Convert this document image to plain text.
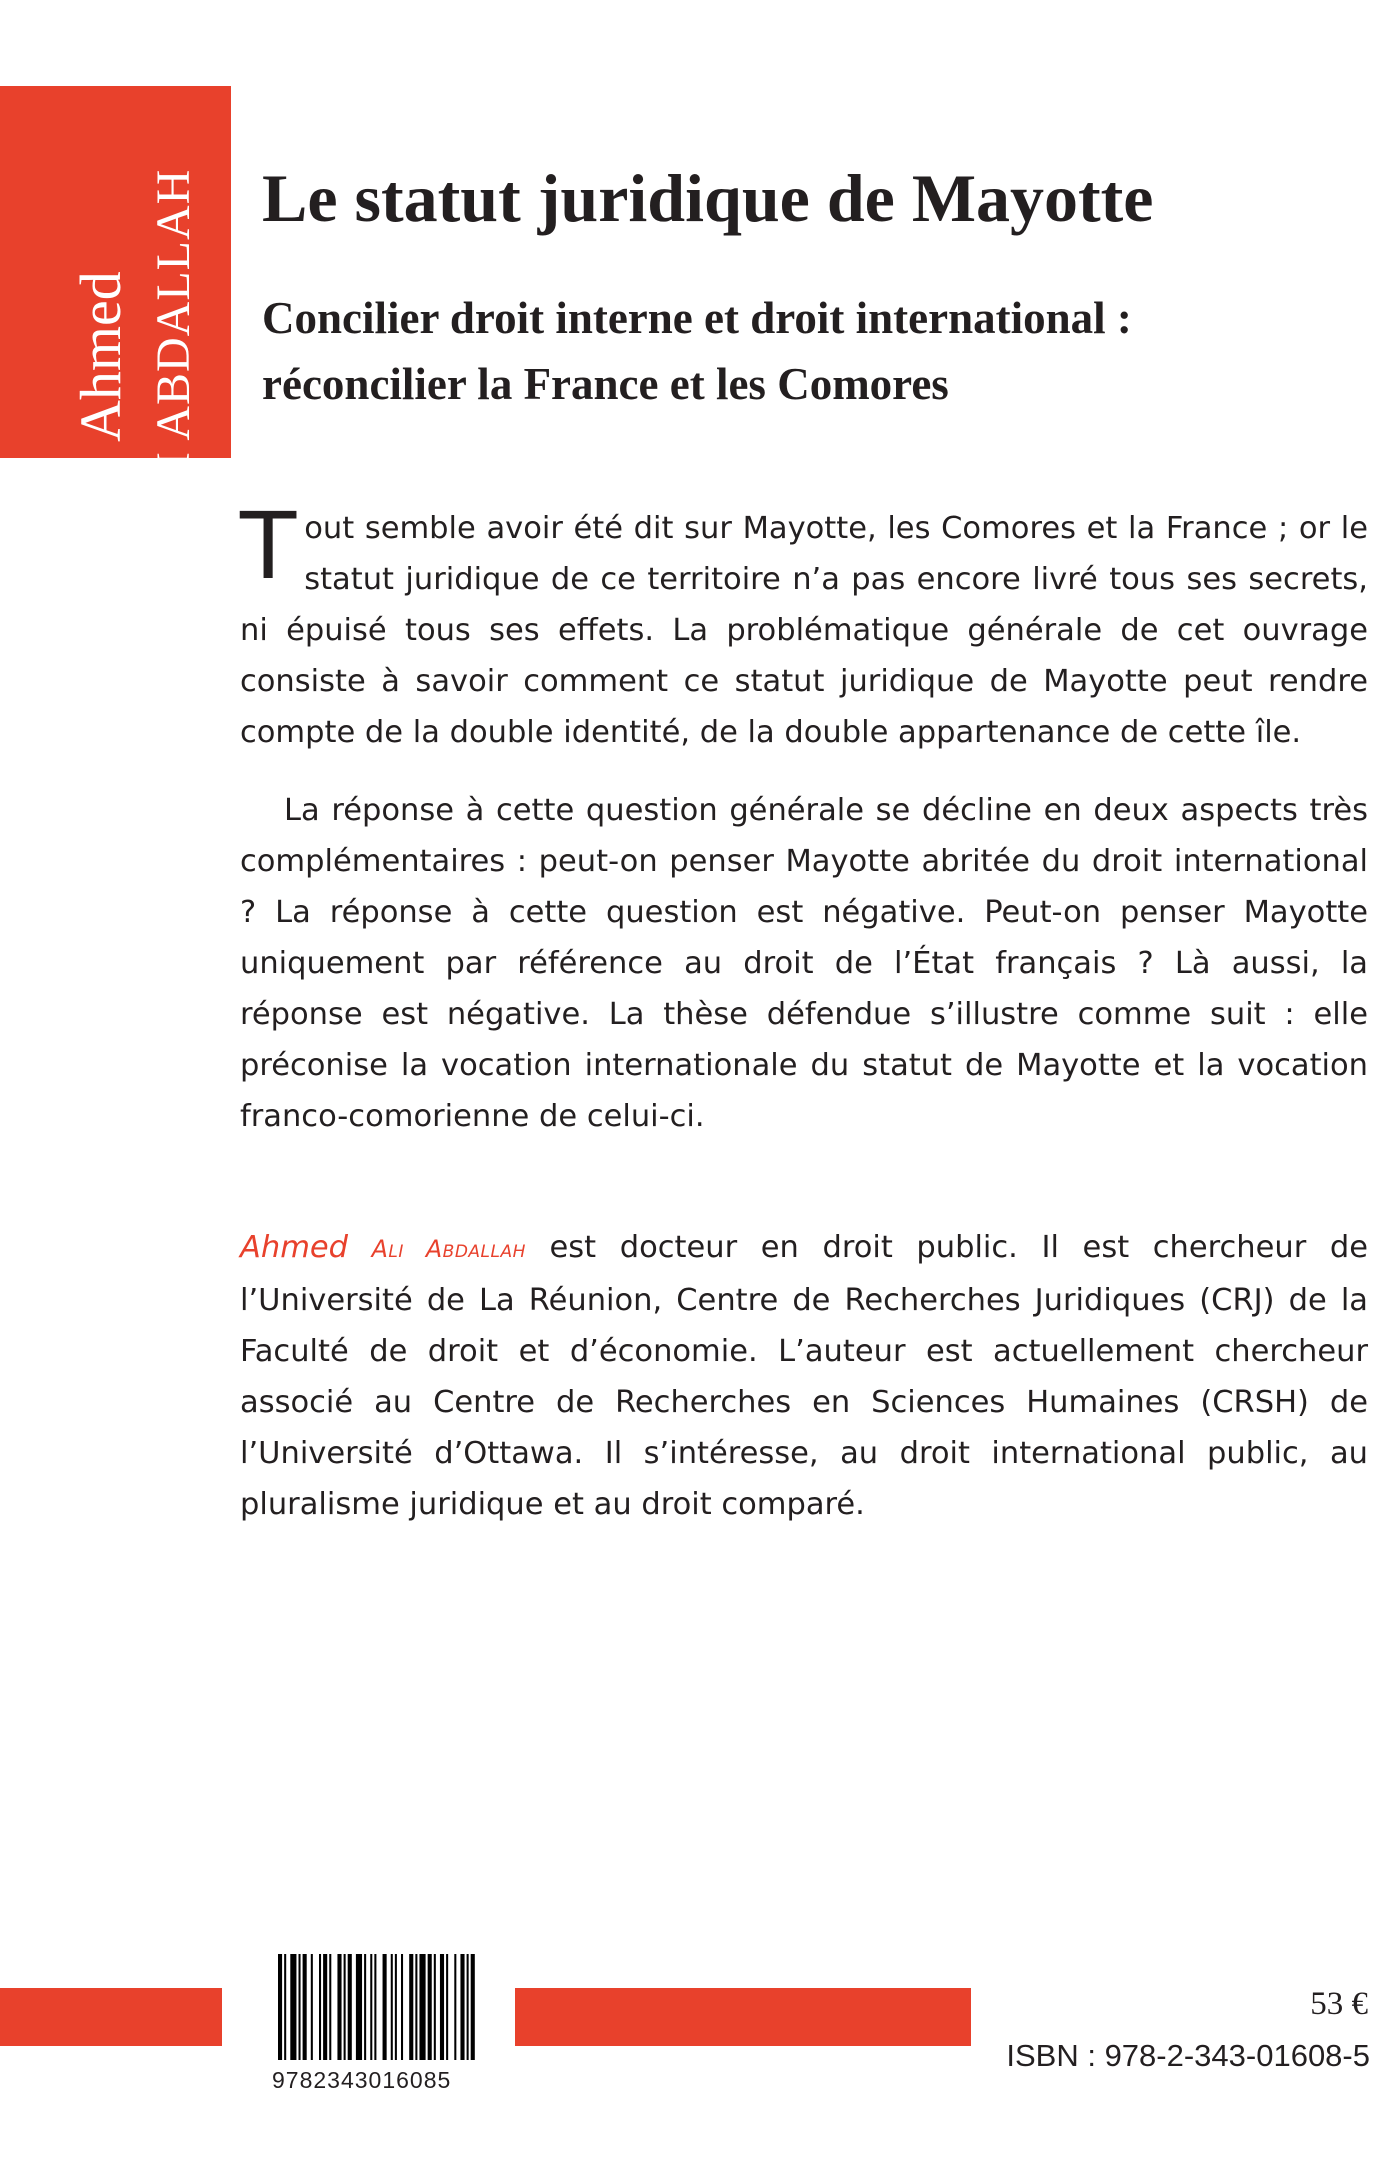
Ahmed ALI ABDALLAH Le statut juridique de Mayotte
Concilier droit interne et droit international :
réconcilier la France et les Comores

Tout semble avoir été dit sur Mayotte, les Comores et la France ; or le statut juridique de ce territoire n’a pas encore livré tous ses secrets, ni épuisé tous ses effets. La problématique générale de cet ouvrage consiste à savoir comment ce statut juridique de Mayotte peut rendre compte de la double identité, de la double appartenance de cette île.

La réponse à cette question générale se décline en deux aspects très complémentaires : peut-on penser Mayotte abritée du droit international ? La réponse à cette question est négative. Peut-on penser Mayotte uniquement par référence au droit de l’État français ? Là aussi, la réponse est négative. La thèse défendue s’illustre comme suit : elle préconise la vocation internationale du statut de Mayotte et la vocation franco-comorienne de celui-ci.

Ahmed Ali Abdallah est docteur en droit public. Il est chercheur de l’Université de La Réunion, Centre de Recherches Juridiques (CRJ) de la Faculté de droit et d’économie. L’auteur est actuellement chercheur associé au Centre de Recherches en Sciences Humaines (CRSH) de l’Université d’Ottawa. Il s’intéresse, au droit international public, au pluralisme juridique et au droit comparé.

9782343016085
53 €
ISBN : 978-2-343-01608-5
